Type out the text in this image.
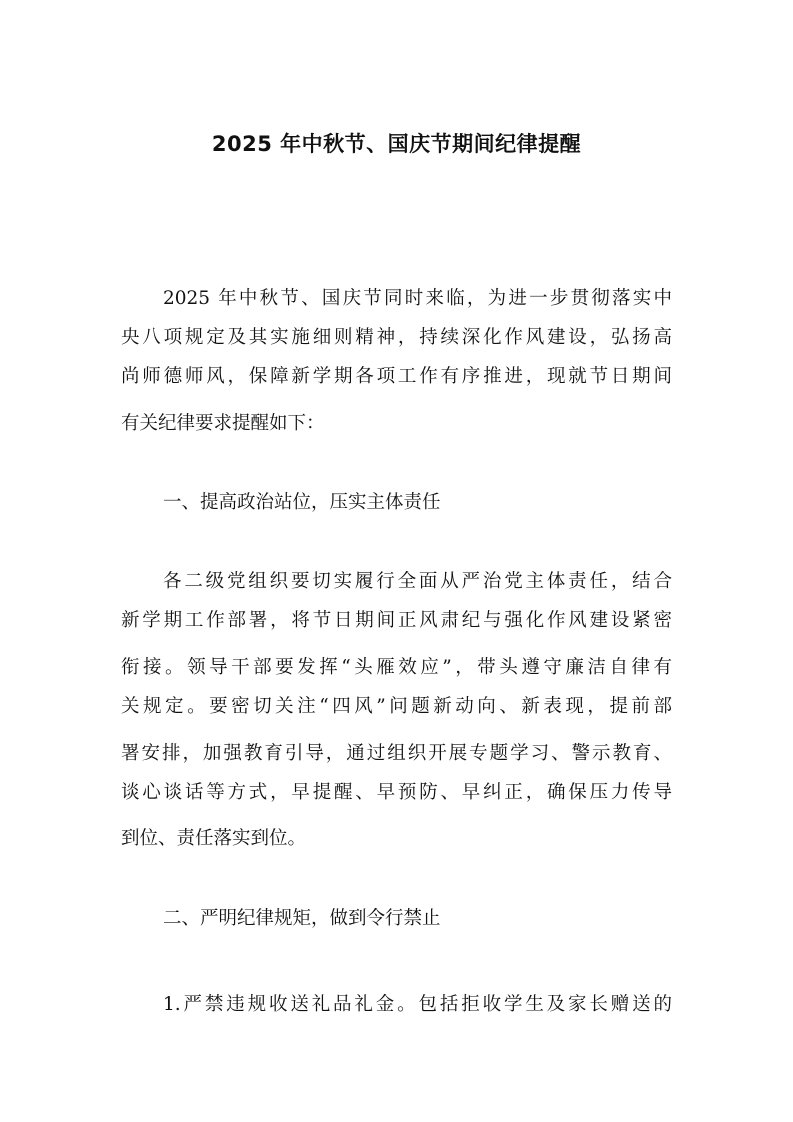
2025 年中秋节、国庆节期间纪律提醒
2025 年中秋节、国庆节同时来临，为进一步贯彻落实中
央八项规定及其实施细则精神，持续深化作风建设，弘扬高
尚师德师风，保障新学期各项工作有序推进，现就节日期间
有关纪律要求提醒如下：
一、提高政治站位，压实主体责任
各二级党组织要切实履行全面从严治党主体责任，结合
新学期工作部署，将节日期间正风肃纪与强化作风建设紧密
衔接。领导干部要发挥“头雁效应”，带头遵守廉洁自律有
关规定。要密切关注“四风”问题新动向、新表现，提前部
署安排，加强教育引导，通过组织开展专题学习、警示教育、
谈心谈话等方式，早提醒、早预防、早纠正，确保压力传导
到位、责任落实到位。
二、严明纪律规矩，做到令行禁止
1.严禁违规收送礼品礼金。包括拒收学生及家长赠送的
